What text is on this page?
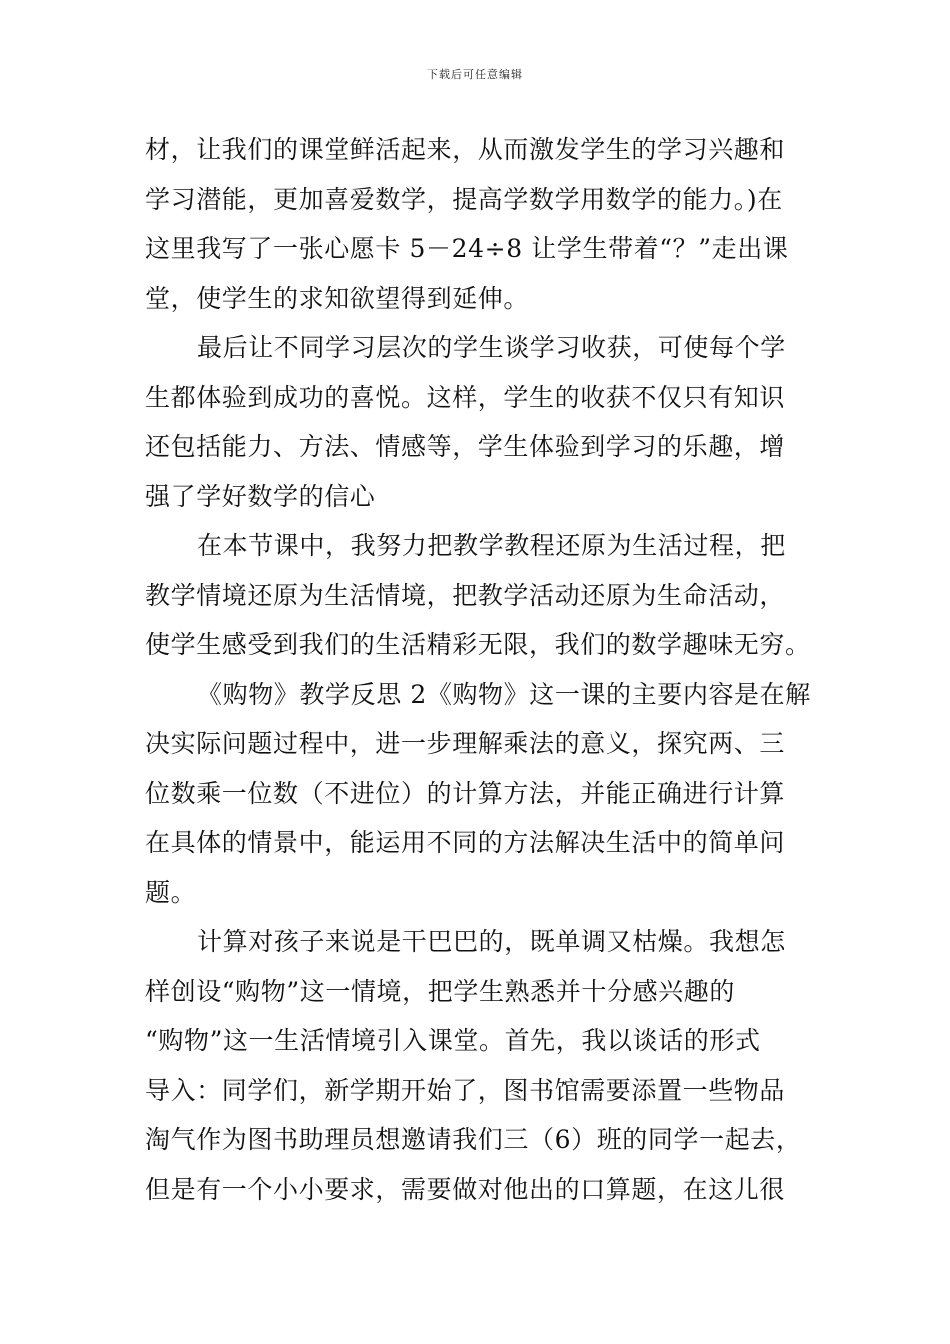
下载后可任意编辑
材，让我们的课堂鲜活起来，从而激发学生的学习兴趣和
学习潜能，更加喜爱数学，提高学数学用数学的能力。)在
这里我写了一张心愿卡 5－24÷8 让学生带着“？”走出课
堂，使学生的求知欲望得到延伸。
最后让不同学习层次的学生谈学习收获，可使每个学
生都体验到成功的喜悦。这样，学生的收获不仅只有知识
还包括能力、方法、情感等，学生体验到学习的乐趣，增
强了学好数学的信心
在本节课中，我努力把教学教程还原为生活过程，把
教学情境还原为生活情境，把教学活动还原为生命活动，
使学生感受到我们的生活精彩无限，我们的数学趣味无穷。
《购物》教学反思 2《购物》这一课的主要内容是在解
决实际问题过程中，进一步理解乘法的意义，探究两、三
位数乘一位数（不进位）的计算方法，并能正确进行计算
在具体的情景中，能运用不同的方法解决生活中的简单问
题。
计算对孩子来说是干巴巴的，既单调又枯燥。我想怎
样创设“购物”这一情境，把学生熟悉并十分感兴趣的
“购物”这一生活情境引入课堂。首先，我以谈话的形式
导入：同学们，新学期开始了，图书馆需要添置一些物品
淘气作为图书助理员想邀请我们三（6）班的同学一起去，
但是有一个小小要求，需要做对他出的口算题，在这儿很
